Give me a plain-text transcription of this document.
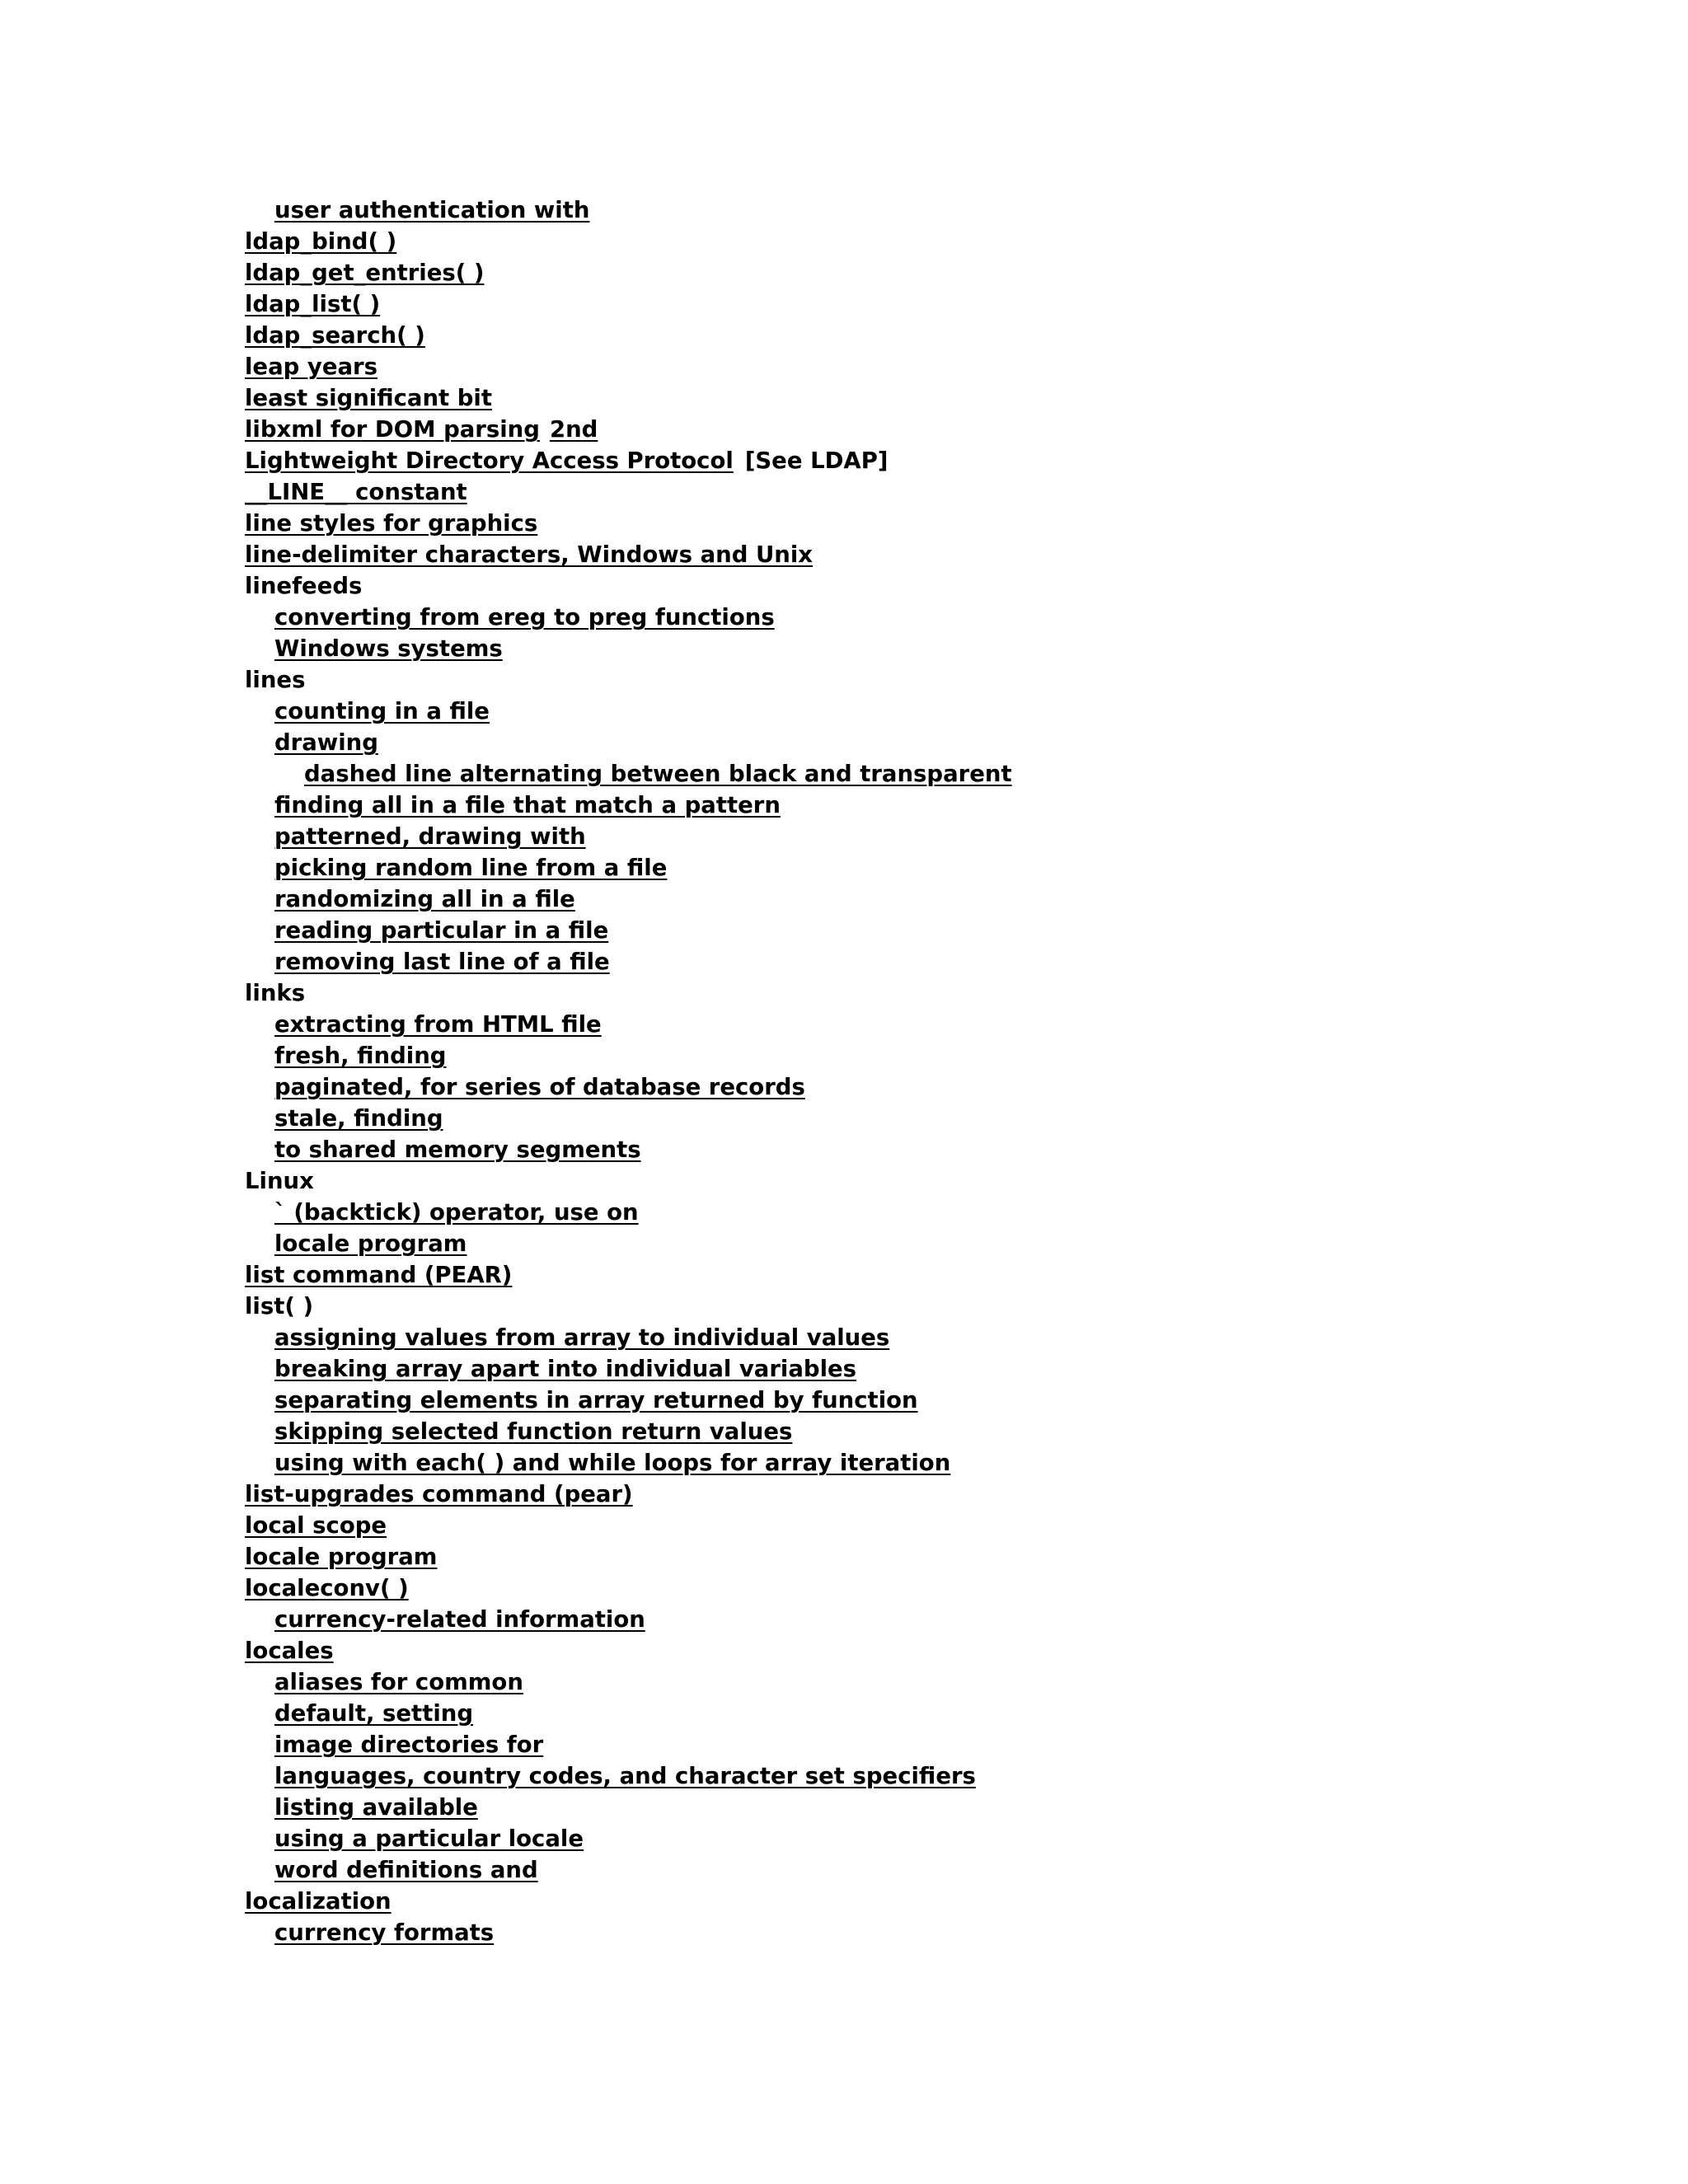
user authentication with
ldap_bind( )
ldap_get_entries( )
ldap_list( )
ldap_search( )
leap years
least significant bit
libxml for DOM parsing 2nd
Lightweight Directory Access Protocol [See LDAP]
__LINE__ constant
line styles for graphics
line-delimiter characters, Windows and Unix
linefeeds
converting from ereg to preg functions
Windows systems
lines
counting in a file
drawing
dashed line alternating between black and transparent
finding all in a file that match a pattern
patterned, drawing with
picking random line from a file
randomizing all in a file
reading particular in a file
removing last line of a file
links
extracting from HTML file
fresh, finding
paginated, for series of database records
stale, finding
to shared memory segments
Linux
` (backtick) operator, use on
locale program
list command (PEAR)
list( )
assigning values from array to individual values
breaking array apart into individual variables
separating elements in array returned by function
skipping selected function return values
using with each( ) and while loops for array iteration
list-upgrades command (pear)
local scope
locale program
localeconv( )
currency-related information
locales
aliases for common
default, setting
image directories for
languages, country codes, and character set specifiers
listing available
using a particular locale
word definitions and
localization
currency formats
